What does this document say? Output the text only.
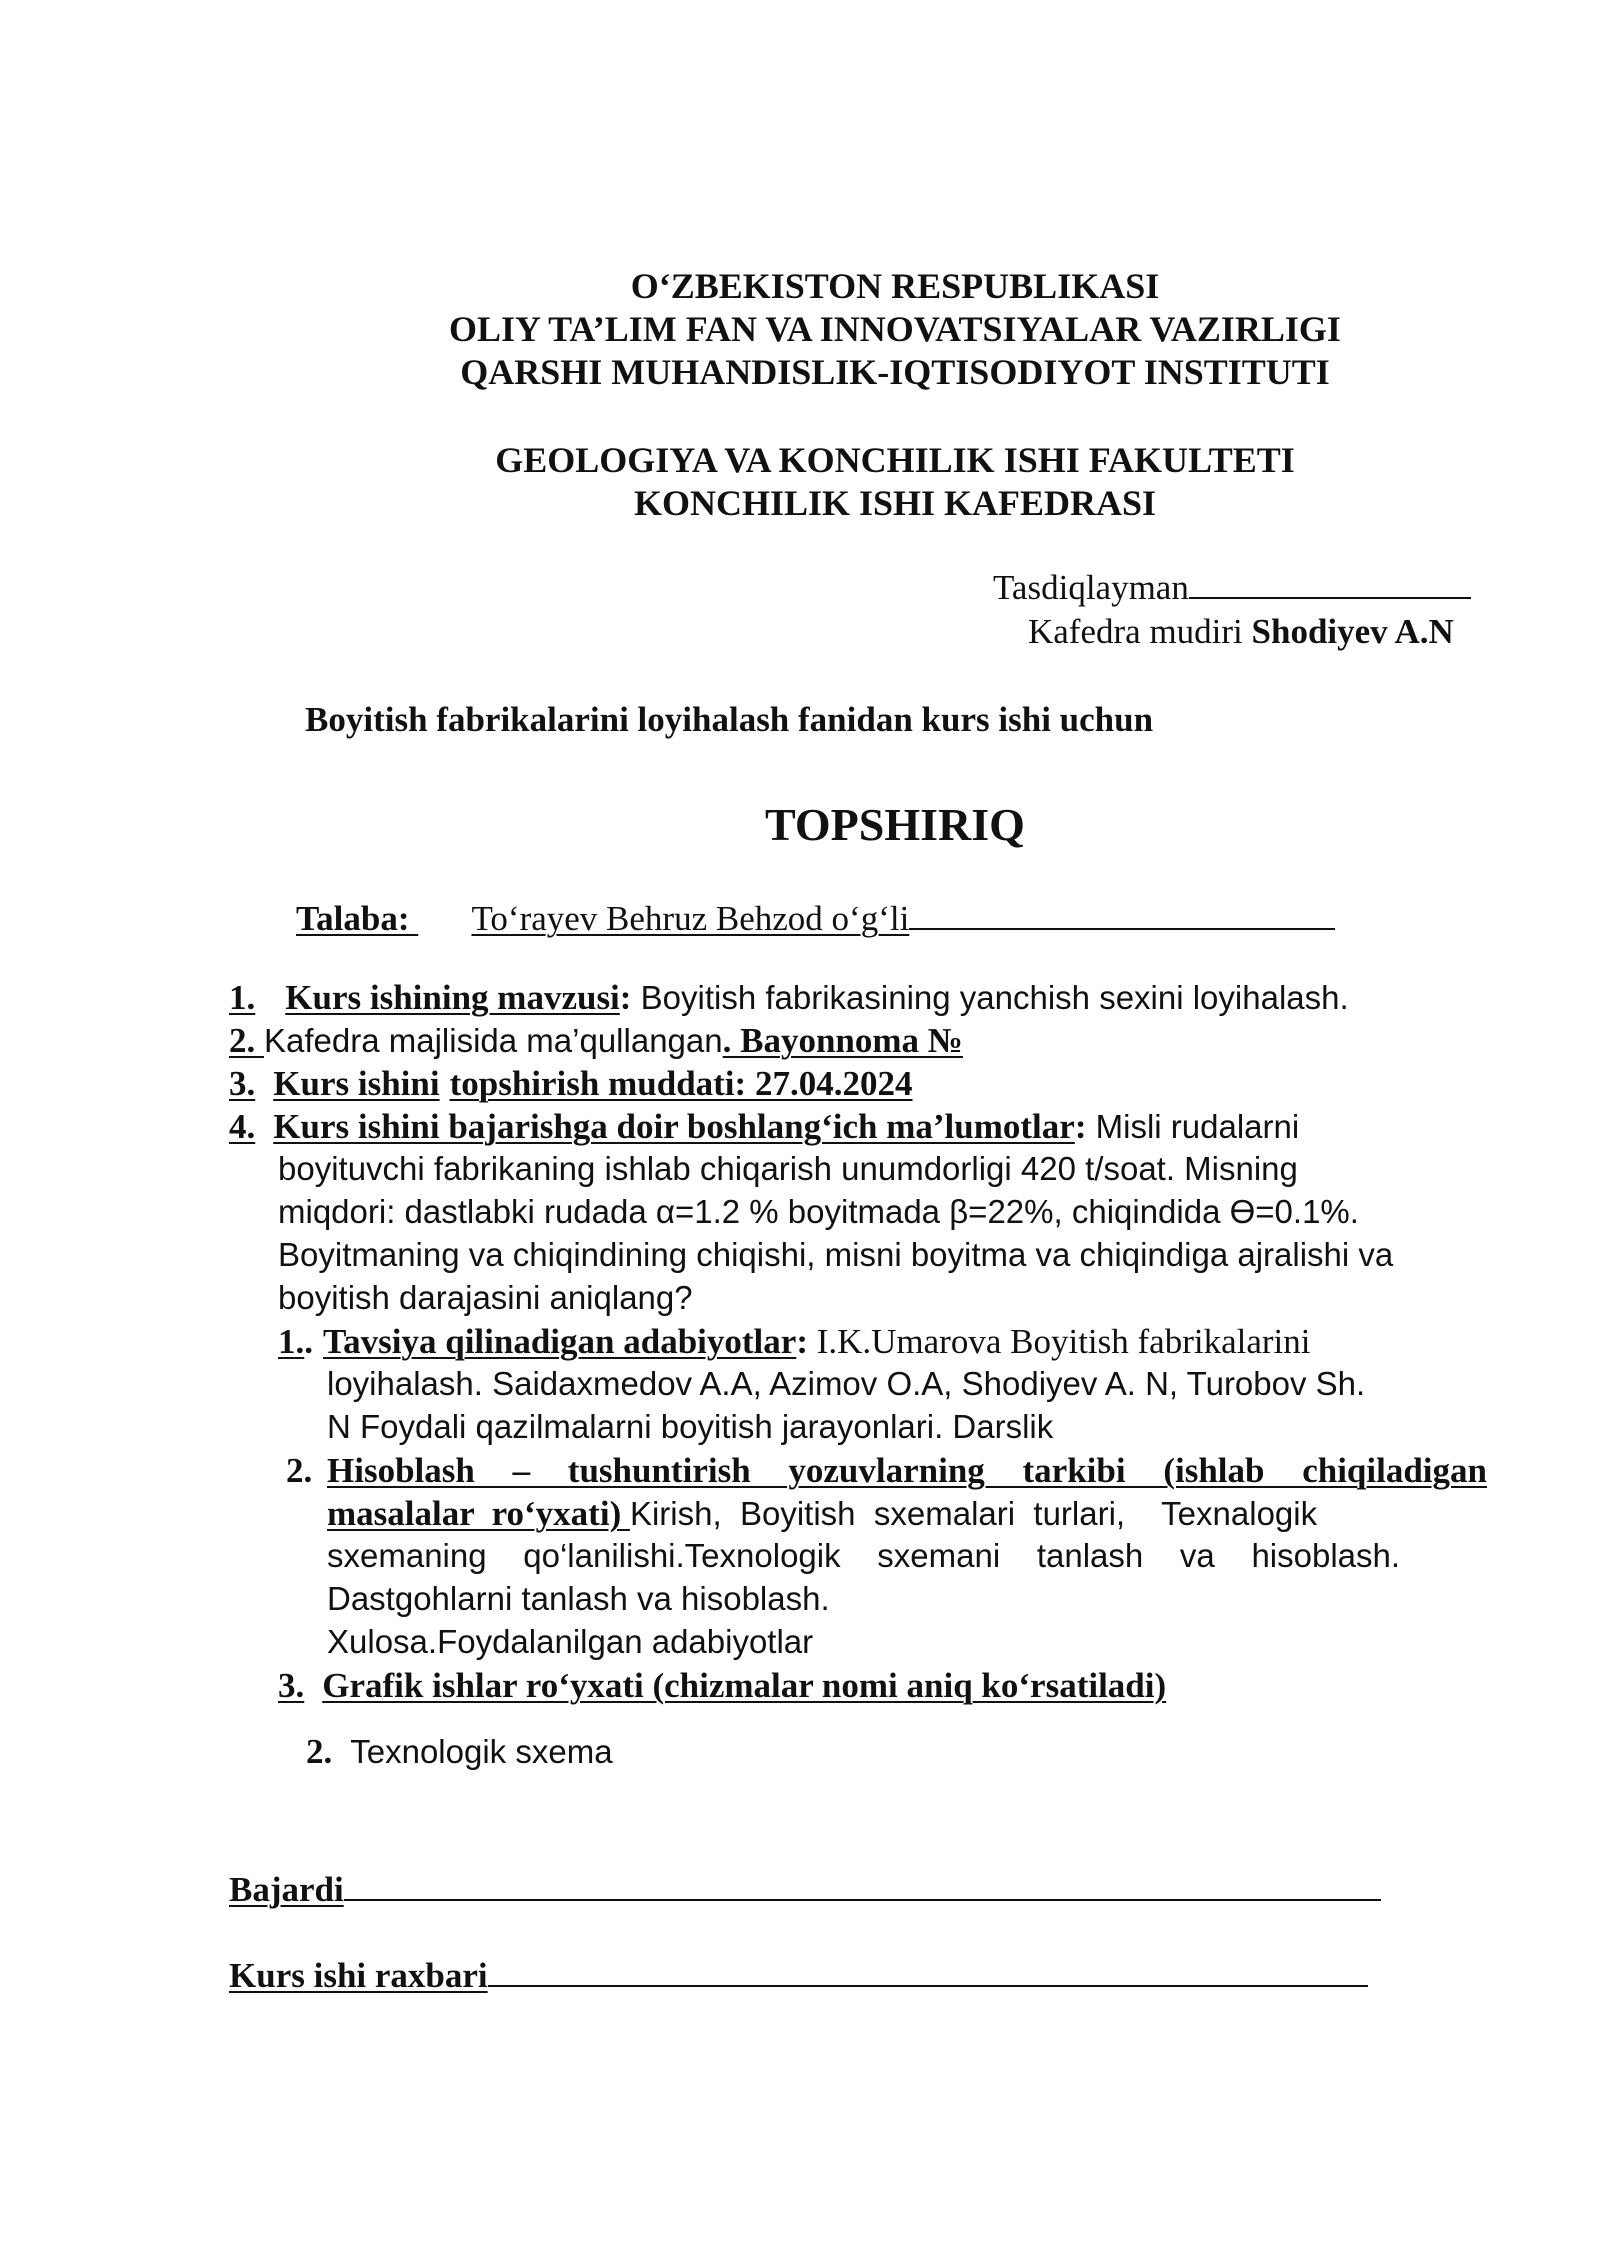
O‘ZBEKISTON RESPUBLIKASI
OLIY TA’LIM FAN VA INNOVATSIYALAR VAZIRLIGI
QARSHI MUHANDISLIK-IQTISODIYOT INSTITUTI
GEOLOGIYA VA KONCHILIK ISHI FAKULTETI
KONCHILIK ISHI KAFEDRASI
Tasdiqlayman
Kafedra mudiri Shodiyev A.N
Boyitish fabrikalarini loyihalash fanidan kurs ishi uchun
TOPSHIRIQ
Talaba: To‘rayev Behruz Behzod o‘g‘li
1. Kurs ishining mavzusi: Boyitish fabrikasining yanchish sexini loyihalash.
2. Kafedra majlisida ma’qullangan. Bayonnoma №
3. Kurs ishini topshirish muddati: 27.04.2024
4. Kurs ishini bajarishga doir boshlang‘ich ma’lumotlar: Misli rudalarni
boyituvchi fabrikaning ishlab chiqarish unumdorligi 420 t/soat. Misning
miqdori: dastlabki rudada α=1.2 % boyitmada β=22%, chiqindida Ө=0.1%.
Boyitmaning va chiqindining chiqishi, misni boyitma va chiqindiga ajralishi va
boyitish darajasini aniqlang?
1.. Tavsiya qilinadigan adabiyotlar: I.K.Umarova Boyitish fabrikalarini
loyihalash. Saidaxmedov A.A, Azimov O.A, Shodiyev A. N, Turobov Sh.
N Foydali qazilmalarni boyitish jarayonlari. Darslik
2. Hisoblash – tushuntirish yozuvlarning tarkibi (ishlab chiqiladigan
masalalar  ro‘yxati) Kirish,  Boyitish  sxemalari  turlari,    Texnalogik
sxemaning    qo‘lanilishi.Texnologik    sxemani    tanlash    va    hisoblash.
Dastgohlarni tanlash va hisoblash.
Xulosa.Foydalanilgan adabiyotlar
3. Grafik ishlar ro‘yxati (chizmalar nomi aniq ko‘rsatiladi)
2. Texnologik sxema
Bajardi
Kurs ishi raxbari
